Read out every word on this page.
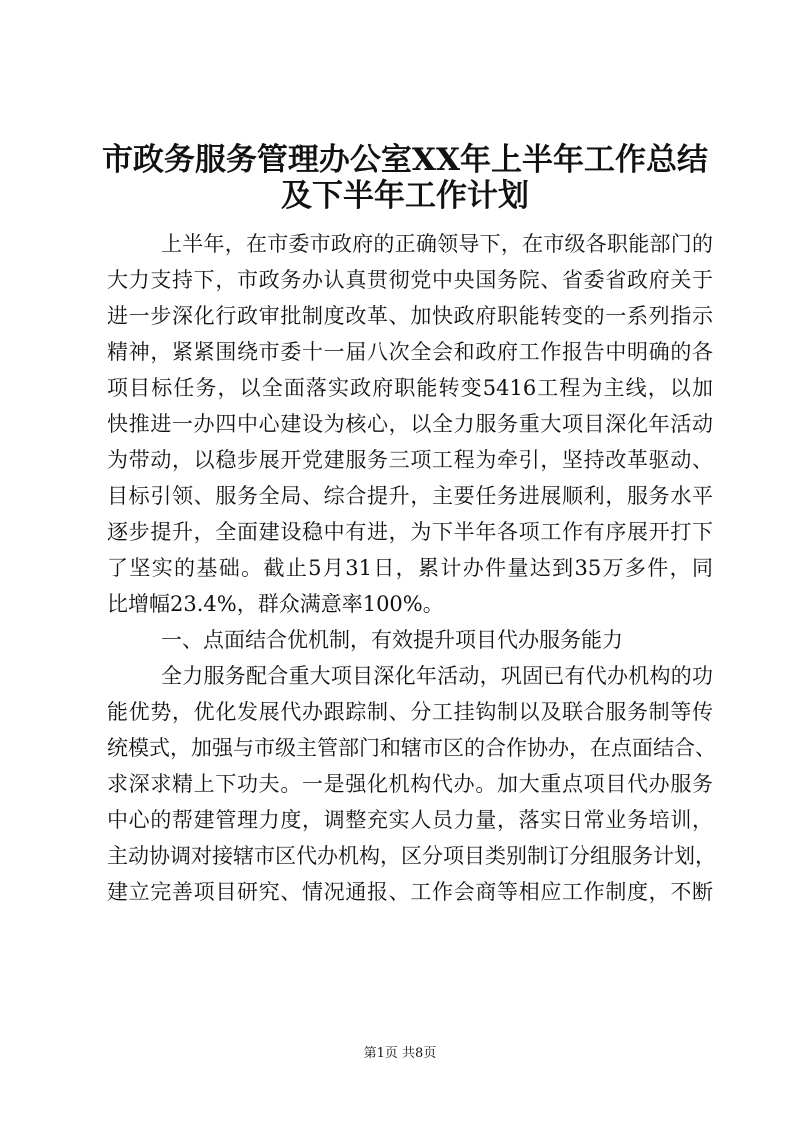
市政务服务管理办公室XX年上半年工作总结
及下半年工作计划
上半年，在市委市政府的正确领导下，在市级各职能部门的
大力支持下，市政务办认真贯彻党中央国务院、省委省政府关于
进一步深化行政审批制度改革、加快政府职能转变的一系列指示
精神，紧紧围绕市委十一届八次全会和政府工作报告中明确的各
项目标任务，以全面落实政府职能转变5416工程为主线，以加
快推进一办四中心建设为核心，以全力服务重大项目深化年活动
为带动，以稳步展开党建服务三项工程为牵引，坚持改革驱动、
目标引领、服务全局、综合提升，主要任务进展顺利，服务水平
逐步提升，全面建设稳中有进，为下半年各项工作有序展开打下
了坚实的基础。截止5月31日，累计办件量达到35万多件，同
比增幅23.4%，群众满意率100%。
一、点面结合优机制，有效提升项目代办服务能力
全力服务配合重大项目深化年活动，巩固已有代办机构的功
能优势，优化发展代办跟踪制、分工挂钩制以及联合服务制等传
统模式，加强与市级主管部门和辖市区的合作协办，在点面结合、
求深求精上下功夫。一是强化机构代办。加大重点项目代办服务
中心的帮建管理力度，调整充实人员力量，落实日常业务培训，
主动协调对接辖市区代办机构，区分项目类别制订分组服务计划，
建立完善项目研究、情况通报、工作会商等相应工作制度，不断
第1页 共8页
